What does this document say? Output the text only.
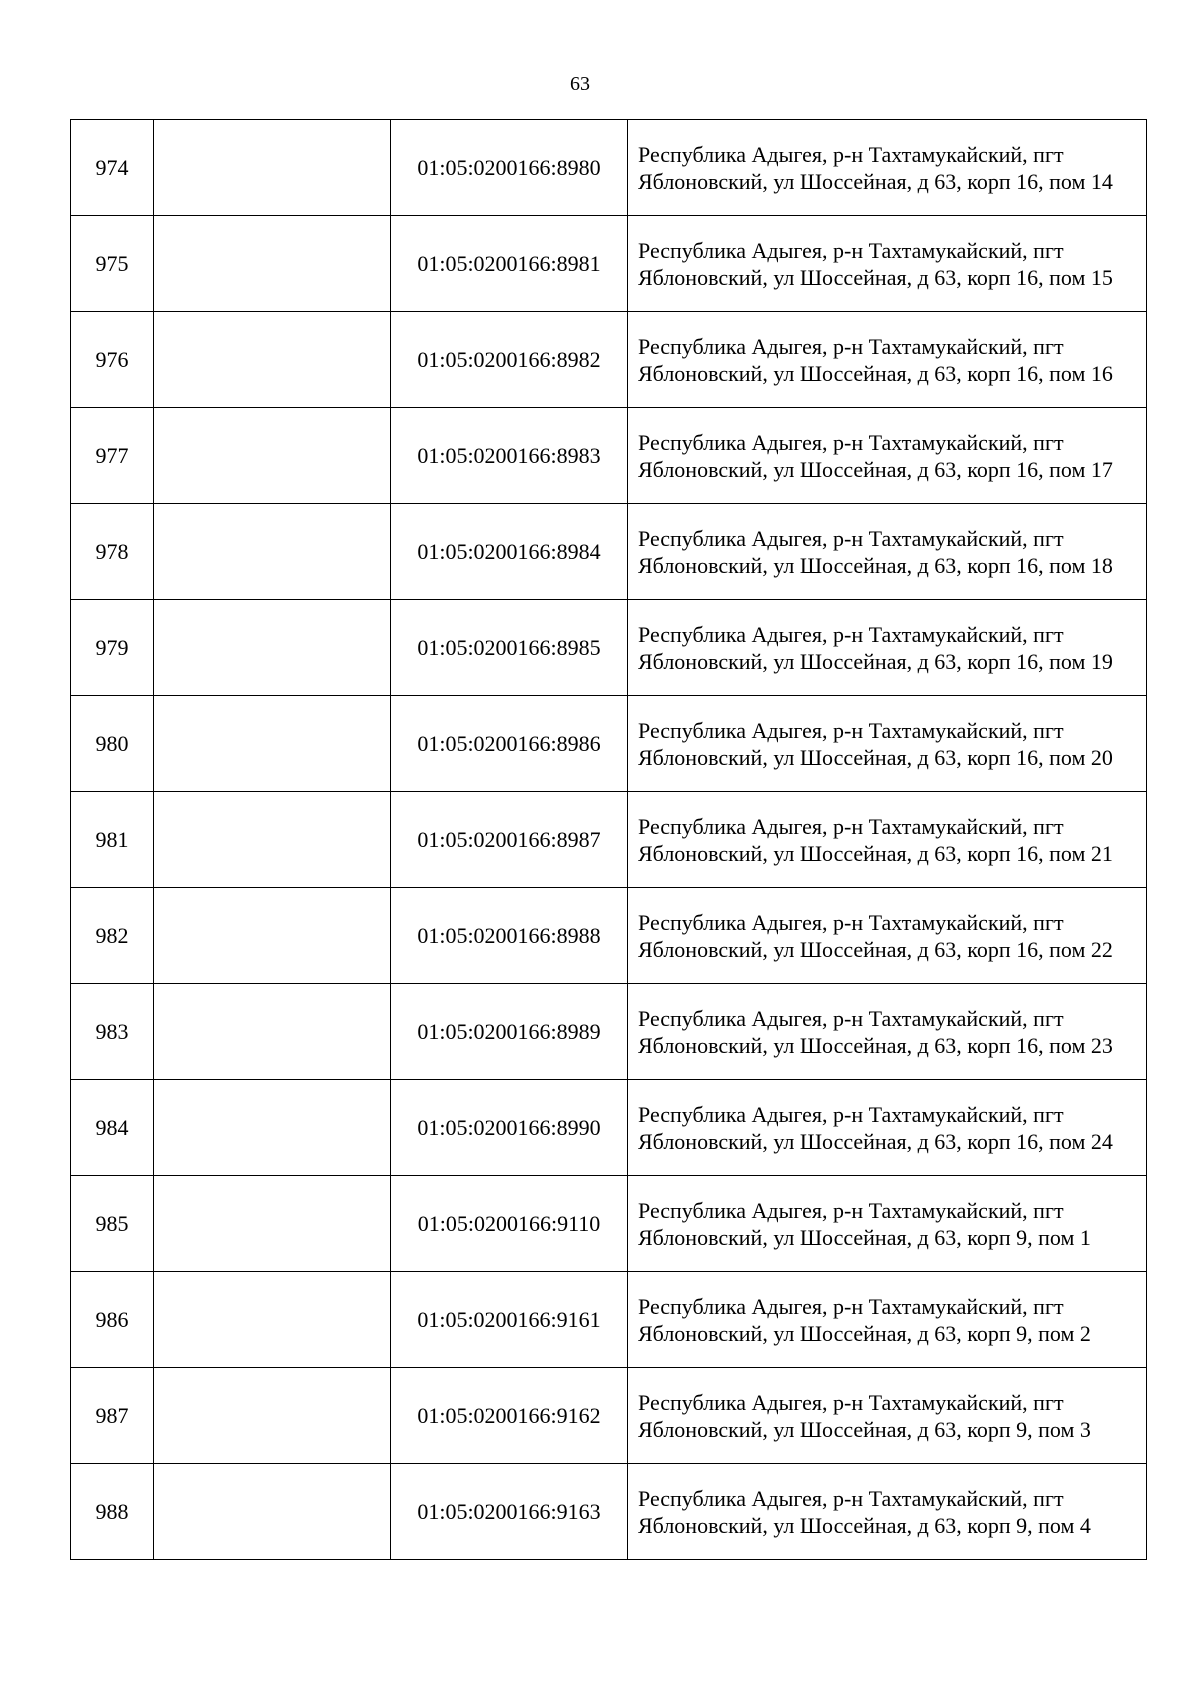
63
974		01:05:0200166:8980	Республика Адыгея, р-н Тахтамукайский, пгт Яблоновский, ул Шоссейная, д 63, корп 16, пом 14
975		01:05:0200166:8981	Республика Адыгея, р-н Тахтамукайский, пгт Яблоновский, ул Шоссейная, д 63, корп 16, пом 15
976		01:05:0200166:8982	Республика Адыгея, р-н Тахтамукайский, пгт Яблоновский, ул Шоссейная, д 63, корп 16, пом 16
977		01:05:0200166:8983	Республика Адыгея, р-н Тахтамукайский, пгт Яблоновский, ул Шоссейная, д 63, корп 16, пом 17
978		01:05:0200166:8984	Республика Адыгея, р-н Тахтамукайский, пгт Яблоновский, ул Шоссейная, д 63, корп 16, пом 18
979		01:05:0200166:8985	Республика Адыгея, р-н Тахтамукайский, пгт Яблоновский, ул Шоссейная, д 63, корп 16, пом 19
980		01:05:0200166:8986	Республика Адыгея, р-н Тахтамукайский, пгт Яблоновский, ул Шоссейная, д 63, корп 16, пом 20
981		01:05:0200166:8987	Республика Адыгея, р-н Тахтамукайский, пгт Яблоновский, ул Шоссейная, д 63, корп 16, пом 21
982		01:05:0200166:8988	Республика Адыгея, р-н Тахтамукайский, пгт Яблоновский, ул Шоссейная, д 63, корп 16, пом 22
983		01:05:0200166:8989	Республика Адыгея, р-н Тахтамукайский, пгт Яблоновский, ул Шоссейная, д 63, корп 16, пом 23
984		01:05:0200166:8990	Республика Адыгея, р-н Тахтамукайский, пгт Яблоновский, ул Шоссейная, д 63, корп 16, пом 24
985		01:05:0200166:9110	Республика Адыгея, р-н Тахтамукайский, пгт Яблоновский, ул Шоссейная, д 63, корп 9, пом 1
986		01:05:0200166:9161	Республика Адыгея, р-н Тахтамукайский, пгт Яблоновский, ул Шоссейная, д 63, корп 9, пом 2
987		01:05:0200166:9162	Республика Адыгея, р-н Тахтамукайский, пгт Яблоновский, ул Шоссейная, д 63, корп 9, пом 3
988		01:05:0200166:9163	Республика Адыгея, р-н Тахтамукайский, пгт Яблоновский, ул Шоссейная, д 63, корп 9, пом 4
